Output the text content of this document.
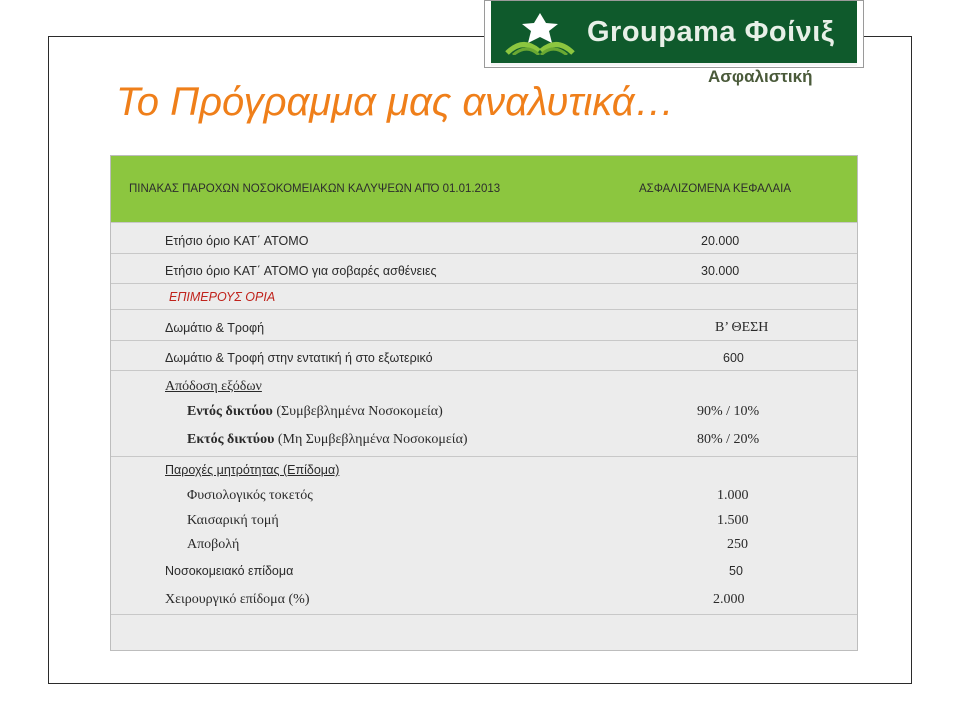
Groupama Φοίνιξ
Ασφαλιστική
Το Πρόγραμμα μας αναλυτικά…
ΠΙΝΑΚΑΣ ΠΑΡΟΧΩΝ ΝΟΣΟΚΟΜΕΙΑΚΩΝ ΚΑΛΥΨΕΩΝ ΑΠΌ 01.01.2013	ΑΣΦΑΛΙΖΟΜΕΝΑ ΚΕΦΑΛΑΙΑ
Ετήσιο όριο ΚΑΤ΄ ΑΤΟΜΟ	20.000
Ετήσιο όριο ΚΑΤ΄ ΑΤΟΜΟ για σοβαρές ασθένειες	30.000
ΕΠΙΜΕΡΟΥΣ ΟΡΙΑ
Δωμάτιο & Τροφή	Β’ ΘΕΣΗ
Δωμάτιο & Τροφή στην εντατική ή στο εξωτερικό	600
Απόδοση εξόδων
Εντός δικτύου (Συμβεβλημένα Νοσοκομεία)	90% / 10%
Εκτός δικτύου (Μη Συμβεβλημένα Νοσοκομεία)	80% / 20%
Παροχές μητρότητας (Επίδομα)
Φυσιολογικός τοκετός	1.000
Καισαρική τομή	1.500
Αποβολή	250
Νοσοκομειακό επίδομα	50
Χειρουργικό επίδομα (%)	2.000
